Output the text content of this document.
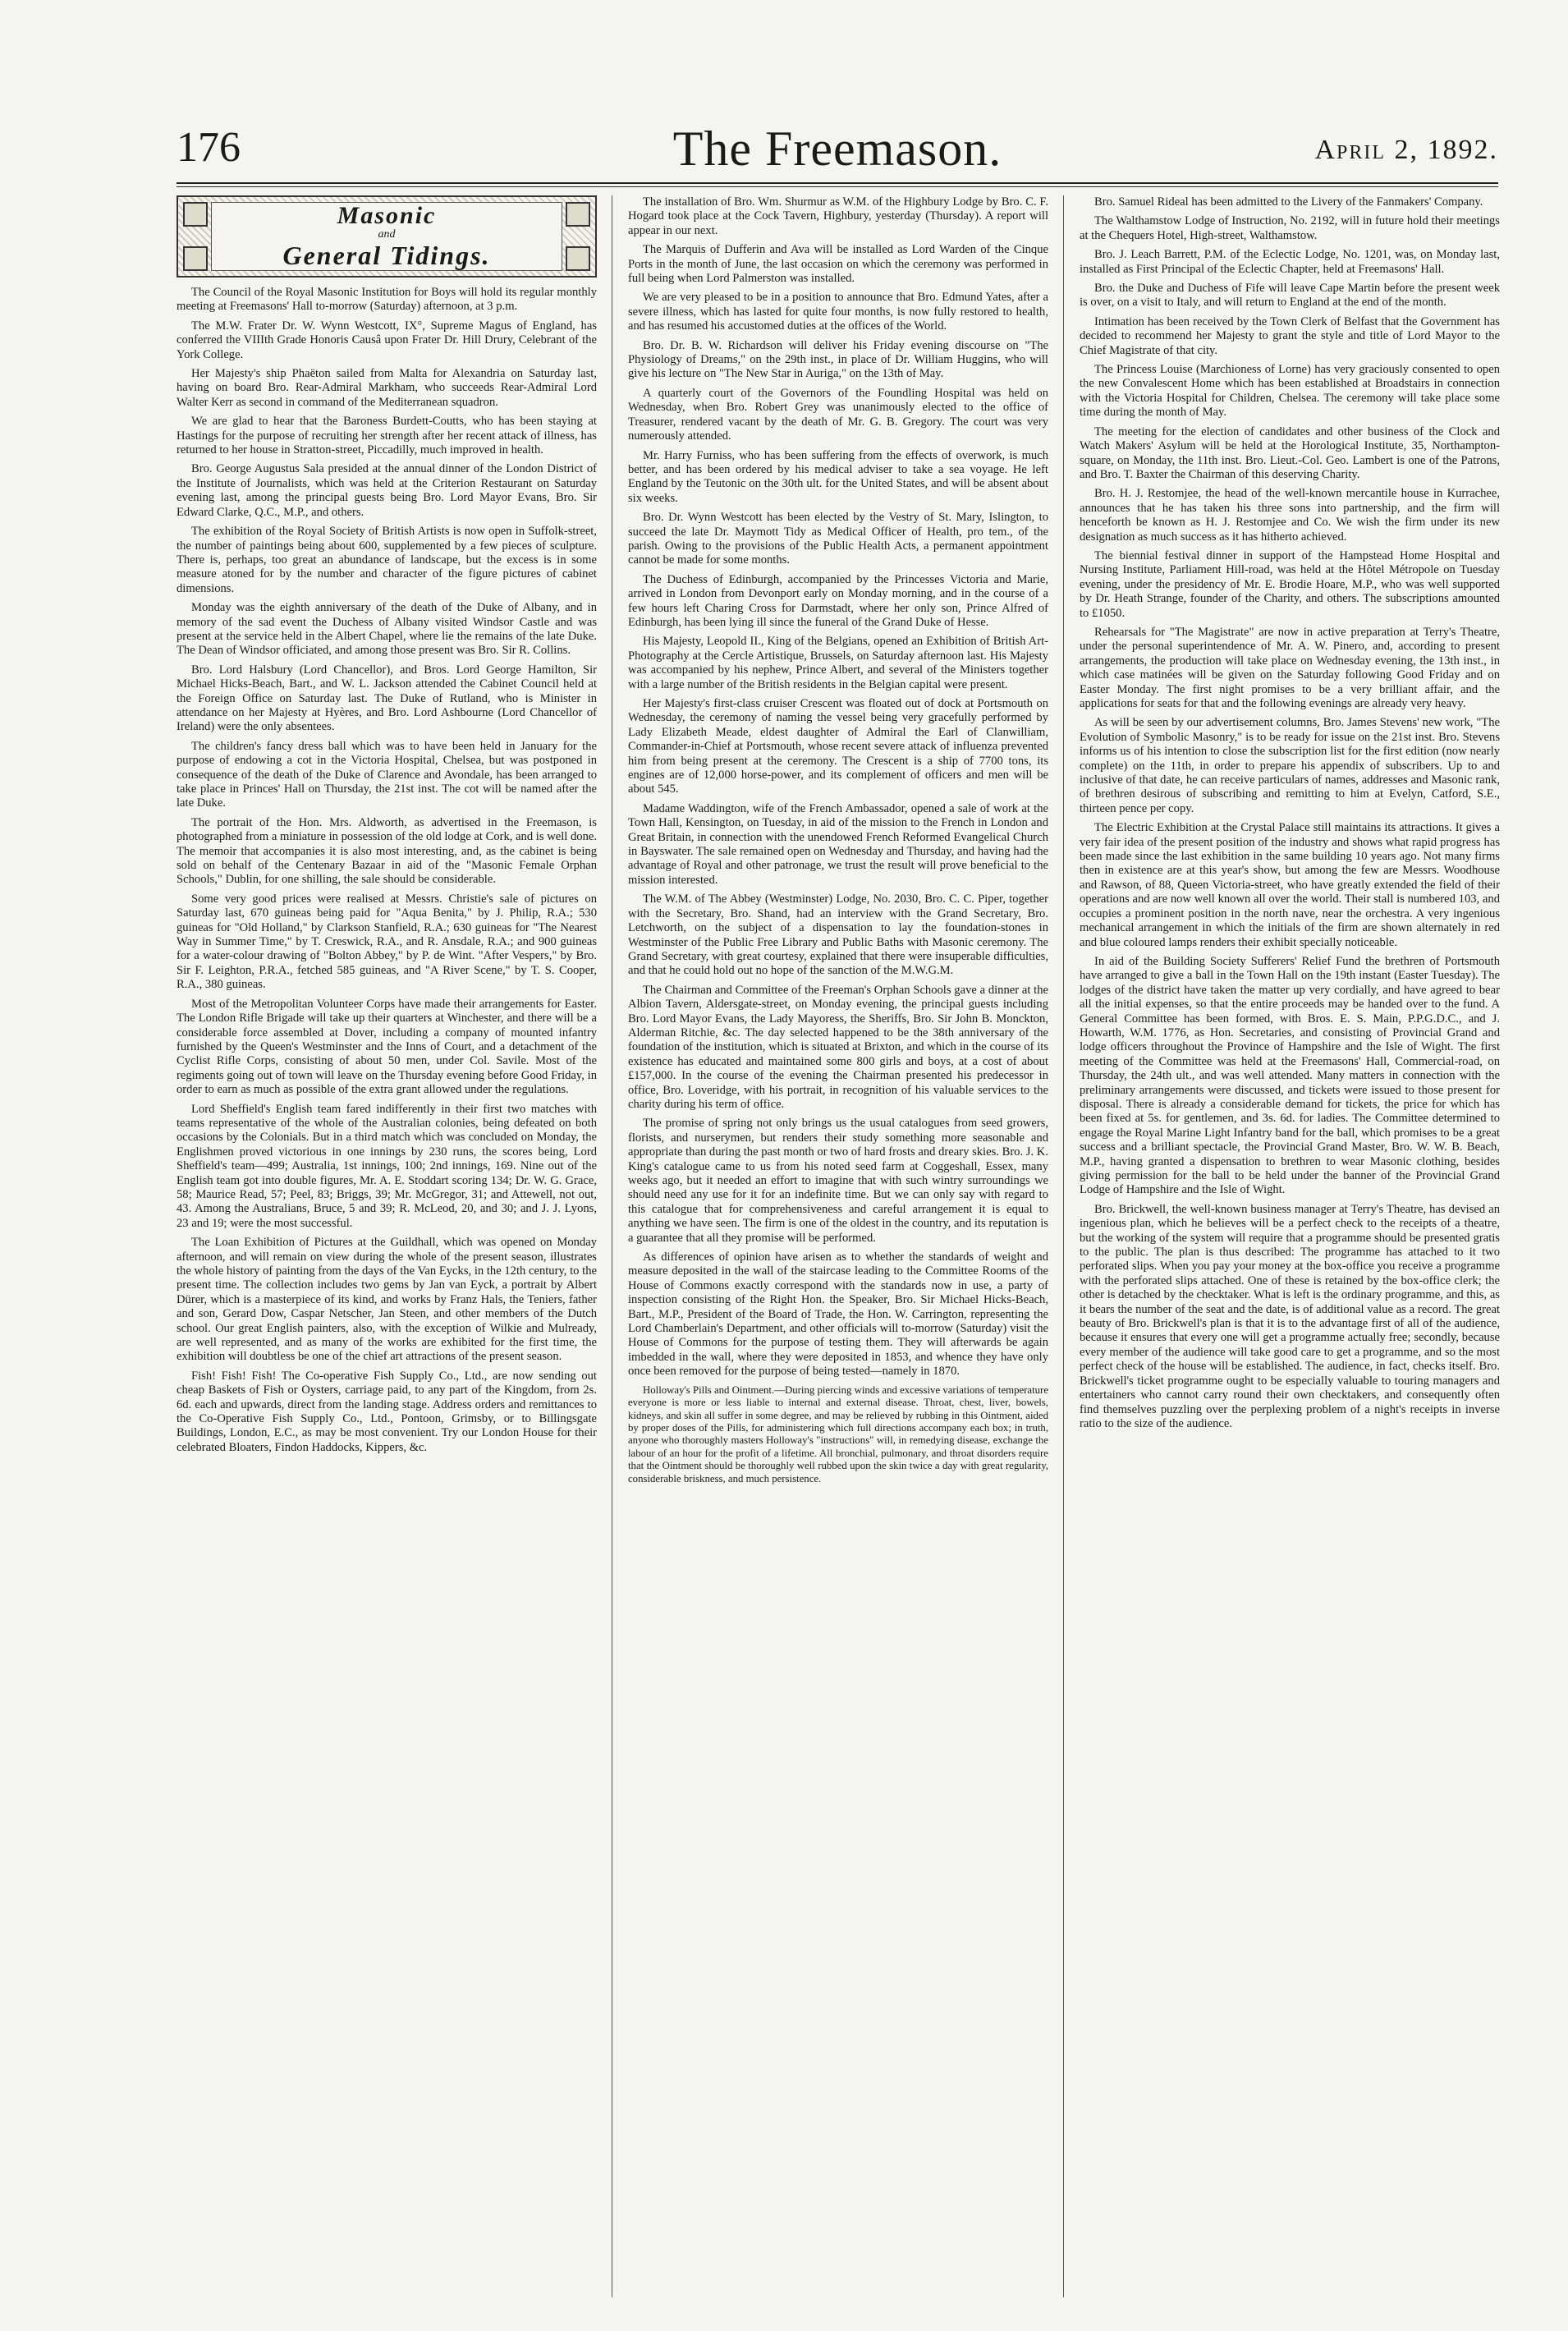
176	The Freemason.	April 2, 1892.
Masonic
and
General Tidings.

The Council of the Royal Masonic Institution for Boys will hold its regular monthly meeting at Freemasons' Hall to-morrow (Saturday) afternoon, at 3 p.m.

The M.W. Frater Dr. W. Wynn Westcott, IX°, Supreme Magus of England, has conferred the VIIIth Grade Honoris Causâ upon Frater Dr. Hill Drury, Celebrant of the York College.

Her Majesty's ship Phaëton sailed from Malta for Alexandria on Saturday last, having on board Bro. Rear-Admiral Markham, who succeeds Rear-Admiral Lord Walter Kerr as second in command of the Mediterranean squadron.

We are glad to hear that the Baroness Burdett-Coutts, who has been staying at Hastings for the purpose of recruiting her strength after her recent attack of illness, has returned to her house in Stratton-street, Piccadilly, much improved in health.

Bro. George Augustus Sala presided at the annual dinner of the London District of the Institute of Journalists, which was held at the Criterion Restaurant on Saturday evening last, among the principal guests being Bro. Lord Mayor Evans, Bro. Sir Edward Clarke, Q.C., M.P., and others.

The exhibition of the Royal Society of British Artists is now open in Suffolk-street, the number of paintings being about 600, supplemented by a few pieces of sculpture. There is, perhaps, too great an abundance of landscape, but the excess is in some measure atoned for by the number and character of the figure pictures of cabinet dimensions.

Monday was the eighth anniversary of the death of the Duke of Albany, and in memory of the sad event the Duchess of Albany visited Windsor Castle and was present at the service held in the Albert Chapel, where lie the remains of the late Duke. The Dean of Windsor officiated, and among those present was Bro. Sir R. Collins.

Bro. Lord Halsbury (Lord Chancellor), and Bros. Lord George Hamilton, Sir Michael Hicks-Beach, Bart., and W. L. Jackson attended the Cabinet Council held at the Foreign Office on Saturday last. The Duke of Rutland, who is Minister in attendance on her Majesty at Hyères, and Bro. Lord Ashbourne (Lord Chancellor of Ireland) were the only absentees.

The children's fancy dress ball which was to have been held in January for the purpose of endowing a cot in the Victoria Hospital, Chelsea, but was postponed in consequence of the death of the Duke of Clarence and Avondale, has been arranged to take place in Princes' Hall on Thursday, the 21st inst. The cot will be named after the late Duke.

The portrait of the Hon. Mrs. Aldworth, as advertised in the Freemason, is photographed from a miniature in possession of the old lodge at Cork, and is well done. The memoir that accompanies it is also most interesting, and, as the cabinet is being sold on behalf of the Centenary Bazaar in aid of the "Masonic Female Orphan Schools," Dublin, for one shilling, the sale should be considerable.

Some very good prices were realised at Messrs. Christie's sale of pictures on Saturday last, 670 guineas being paid for "Aqua Benita," by J. Philip, R.A.; 530 guineas for "Old Holland," by Clarkson Stanfield, R.A.; 630 guineas for "The Nearest Way in Summer Time," by T. Creswick, R.A., and R. Ansdale, R.A.; and 900 guineas for a water-colour drawing of "Bolton Abbey," by P. de Wint. "After Vespers," by Bro. Sir F. Leighton, P.R.A., fetched 585 guineas, and "A River Scene," by T. S. Cooper, R.A., 380 guineas.

Most of the Metropolitan Volunteer Corps have made their arrangements for Easter. The London Rifle Brigade will take up their quarters at Winchester, and there will be a considerable force assembled at Dover, including a company of mounted infantry furnished by the Queen's Westminster and the Inns of Court, and a detachment of the Cyclist Rifle Corps, consisting of about 50 men, under Col. Savile. Most of the regiments going out of town will leave on the Thursday evening before Good Friday, in order to earn as much as possible of the extra grant allowed under the regulations.

Lord Sheffield's English team fared indifferently in their first two matches with teams representative of the whole of the Australian colonies, being defeated on both occasions by the Colonials. But in a third match which was concluded on Monday, the Englishmen proved victorious in one innings by 230 runs, the scores being, Lord Sheffield's team—499; Australia, 1st innings, 100; 2nd innings, 169. Nine out of the English team got into double figures, Mr. A. E. Stoddart scoring 134; Dr. W. G. Grace, 58; Maurice Read, 57; Peel, 83; Briggs, 39; Mr. McGregor, 31; and Attewell, not out, 43. Among the Australians, Bruce, 5 and 39; R. McLeod, 20, and 30; and J. J. Lyons, 23 and 19; were the most successful.

The Loan Exhibition of Pictures at the Guildhall, which was opened on Monday afternoon, and will remain on view during the whole of the present season, illustrates the whole history of painting from the days of the Van Eycks, in the 12th century, to the present time. The collection includes two gems by Jan van Eyck, a portrait by Albert Dürer, which is a masterpiece of its kind, and works by Franz Hals, the Teniers, father and son, Gerard Dow, Caspar Netscher, Jan Steen, and other members of the Dutch school. Our great English painters, also, with the exception of Wilkie and Mulready, are well represented, and as many of the works are exhibited for the first time, the exhibition will doubtless be one of the chief art attractions of the present season.

Fish! Fish! Fish! The Co-operative Fish Supply Co., Ltd., are now sending out cheap Baskets of Fish or Oysters, carriage paid, to any part of the Kingdom, from 2s. 6d. each and upwards, direct from the landing stage. Address orders and remittances to the Co-Operative Fish Supply Co., Ltd., Pontoon, Grimsby, or to Billingsgate Buildings, London, E.C., as may be most convenient. Try our London House for their celebrated Bloaters, Findon Haddocks, Kippers, &c.

The installation of Bro. Wm. Shurmur as W.M. of the Highbury Lodge by Bro. C. F. Hogard took place at the Cock Tavern, Highbury, yesterday (Thursday). A report will appear in our next.

The Marquis of Dufferin and Ava will be installed as Lord Warden of the Cinque Ports in the month of June, the last occasion on which the ceremony was performed in full being when Lord Palmerston was installed.

We are very pleased to be in a position to announce that Bro. Edmund Yates, after a severe illness, which has lasted for quite four months, is now fully restored to health, and has resumed his accustomed duties at the offices of the World.

Bro. Dr. B. W. Richardson will deliver his Friday evening discourse on "The Physiology of Dreams," on the 29th inst., in place of Dr. William Huggins, who will give his lecture on "The New Star in Auriga," on the 13th of May.

A quarterly court of the Governors of the Foundling Hospital was held on Wednesday, when Bro. Robert Grey was unanimously elected to the office of Treasurer, rendered vacant by the death of Mr. G. B. Gregory. The court was very numerously attended.

Mr. Harry Furniss, who has been suffering from the effects of overwork, is much better, and has been ordered by his medical adviser to take a sea voyage. He left England by the Teutonic on the 30th ult. for the United States, and will be absent about six weeks.

Bro. Dr. Wynn Westcott has been elected by the Vestry of St. Mary, Islington, to succeed the late Dr. Maymott Tidy as Medical Officer of Health, pro tem., of the parish. Owing to the provisions of the Public Health Acts, a permanent appointment cannot be made for some months.

The Duchess of Edinburgh, accompanied by the Princesses Victoria and Marie, arrived in London from Devonport early on Monday morning, and in the course of a few hours left Charing Cross for Darmstadt, where her only son, Prince Alfred of Edinburgh, has been lying ill since the funeral of the Grand Duke of Hesse.

His Majesty, Leopold II., King of the Belgians, opened an Exhibition of British Art-Photography at the Cercle Artistique, Brussels, on Saturday afternoon last. His Majesty was accompanied by his nephew, Prince Albert, and several of the Ministers together with a large number of the British residents in the Belgian capital were present.

Her Majesty's first-class cruiser Crescent was floated out of dock at Portsmouth on Wednesday, the ceremony of naming the vessel being very gracefully performed by Lady Elizabeth Meade, eldest daughter of Admiral the Earl of Clanwilliam, Commander-in-Chief at Portsmouth, whose recent severe attack of influenza prevented him from being present at the ceremony. The Crescent is a ship of 7700 tons, its engines are of 12,000 horse-power, and its complement of officers and men will be about 545.

Madame Waddington, wife of the French Ambassador, opened a sale of work at the Town Hall, Kensington, on Tuesday, in aid of the mission to the French in London and Great Britain, in connection with the unendowed French Reformed Evangelical Church in Bayswater. The sale remained open on Wednesday and Thursday, and having had the advantage of Royal and other patronage, we trust the result will prove beneficial to the mission interested.

The W.M. of The Abbey (Westminster) Lodge, No. 2030, Bro. C. C. Piper, together with the Secretary, Bro. Shand, had an interview with the Grand Secretary, Bro. Letchworth, on the subject of a dispensation to lay the foundation-stones in Westminster of the Public Free Library and Public Baths with Masonic ceremony. The Grand Secretary, with great courtesy, explained that there were insuperable difficulties, and that he could hold out no hope of the sanction of the M.W.G.M.

The Chairman and Committee of the Freeman's Orphan Schools gave a dinner at the Albion Tavern, Aldersgate-street, on Monday evening, the principal guests including Bro. Lord Mayor Evans, the Lady Mayoress, the Sheriffs, Bro. Sir John B. Monckton, Alderman Ritchie, &c. The day selected happened to be the 38th anniversary of the foundation of the institution, which is situated at Brixton, and which in the course of its existence has educated and maintained some 800 girls and boys, at a cost of about £157,000. In the course of the evening the Chairman presented his predecessor in office, Bro. Loveridge, with his portrait, in recognition of his valuable services to the charity during his term of office.

The promise of spring not only brings us the usual catalogues from seed growers, florists, and nurserymen, but renders their study something more seasonable and appropriate than during the past month or two of hard frosts and dreary skies. Bro. J. K. King's catalogue came to us from his noted seed farm at Coggeshall, Essex, many weeks ago, but it needed an effort to imagine that with such wintry surroundings we should need any use for it for an indefinite time. But we can only say with regard to this catalogue that for comprehensiveness and careful arrangement it is equal to anything we have seen. The firm is one of the oldest in the country, and its reputation is a guarantee that all they promise will be performed.

As differences of opinion have arisen as to whether the standards of weight and measure deposited in the wall of the staircase leading to the Committee Rooms of the House of Commons exactly correspond with the standards now in use, a party of inspection consisting of the Right Hon. the Speaker, Bro. Sir Michael Hicks-Beach, Bart., M.P., President of the Board of Trade, the Hon. W. Carrington, representing the Lord Chamberlain's Department, and other officials will to-morrow (Saturday) visit the House of Commons for the purpose of testing them. They will afterwards be again imbedded in the wall, where they were deposited in 1853, and whence they have only once been removed for the purpose of being tested—namely in 1870.

Holloway's Pills and Ointment.—During piercing winds and excessive variations of temperature everyone is more or less liable to internal and external disease. Throat, chest, liver, bowels, kidneys, and skin all suffer in some degree, and may be relieved by rubbing in this Ointment, aided by proper doses of the Pills, for administering which full directions accompany each box; in truth, anyone who thoroughly masters Holloway's "instructions" will, in remedying disease, exchange the labour of an hour for the profit of a lifetime. All bronchial, pulmonary, and throat disorders require that the Ointment should be thoroughly well rubbed upon the skin twice a day with great regularity, considerable briskness, and much persistence.

Bro. Samuel Rideal has been admitted to the Livery of the Fanmakers' Company.

The Walthamstow Lodge of Instruction, No. 2192, will in future hold their meetings at the Chequers Hotel, High-street, Walthamstow.

Bro. J. Leach Barrett, P.M. of the Eclectic Lodge, No. 1201, was, on Monday last, installed as First Principal of the Eclectic Chapter, held at Freemasons' Hall.

Bro. the Duke and Duchess of Fife will leave Cape Martin before the present week is over, on a visit to Italy, and will return to England at the end of the month.

Intimation has been received by the Town Clerk of Belfast that the Government has decided to recommend her Majesty to grant the style and title of Lord Mayor to the Chief Magistrate of that city.

The Princess Louise (Marchioness of Lorne) has very graciously consented to open the new Convalescent Home which has been established at Broadstairs in connection with the Victoria Hospital for Children, Chelsea. The ceremony will take place some time during the month of May.

The meeting for the election of candidates and other business of the Clock and Watch Makers' Asylum will be held at the Horological Institute, 35, Northampton-square, on Monday, the 11th inst. Bro. Lieut.-Col. Geo. Lambert is one of the Patrons, and Bro. T. Baxter the Chairman of this deserving Charity.

Bro. H. J. Restomjee, the head of the well-known mercantile house in Kurrachee, announces that he has taken his three sons into partnership, and the firm will henceforth be known as H. J. Restomjee and Co. We wish the firm under its new designation as much success as it has hitherto achieved.

The biennial festival dinner in support of the Hampstead Home Hospital and Nursing Institute, Parliament Hill-road, was held at the Hôtel Métropole on Tuesday evening, under the presidency of Mr. E. Brodie Hoare, M.P., who was well supported by Dr. Heath Strange, founder of the Charity, and others. The subscriptions amounted to £1050.

Rehearsals for "The Magistrate" are now in active preparation at Terry's Theatre, under the personal superintendence of Mr. A. W. Pinero, and, according to present arrangements, the production will take place on Wednesday evening, the 13th inst., in which case matinées will be given on the Saturday following Good Friday and on Easter Monday. The first night promises to be a very brilliant affair, and the applications for seats for that and the following evenings are already very heavy.

As will be seen by our advertisement columns, Bro. James Stevens' new work, "The Evolution of Symbolic Masonry," is to be ready for issue on the 21st inst. Bro. Stevens informs us of his intention to close the subscription list for the first edition (now nearly complete) on the 11th, in order to prepare his appendix of subscribers. Up to and inclusive of that date, he can receive particulars of names, addresses and Masonic rank, of brethren desirous of subscribing and remitting to him at Evelyn, Catford, S.E., thirteen pence per copy.

The Electric Exhibition at the Crystal Palace still maintains its attractions. It gives a very fair idea of the present position of the industry and shows what rapid progress has been made since the last exhibition in the same building 10 years ago. Not many firms then in existence are at this year's show, but among the few are Messrs. Woodhouse and Rawson, of 88, Queen Victoria-street, who have greatly extended the field of their operations and are now well known all over the world. Their stall is numbered 103, and occupies a prominent position in the north nave, near the orchestra. A very ingenious mechanical arrangement in which the initials of the firm are shown alternately in red and blue coloured lamps renders their exhibit specially noticeable.

In aid of the Building Society Sufferers' Relief Fund the brethren of Portsmouth have arranged to give a ball in the Town Hall on the 19th instant (Easter Tuesday). The lodges of the district have taken the matter up very cordially, and have agreed to bear all the initial expenses, so that the entire proceeds may be handed over to the fund. A General Committee has been formed, with Bros. E. S. Main, P.P.G.D.C., and J. Howarth, W.M. 1776, as Hon. Secretaries, and consisting of Provincial Grand and lodge officers throughout the Province of Hampshire and the Isle of Wight. The first meeting of the Committee was held at the Freemasons' Hall, Commercial-road, on Thursday, the 24th ult., and was well attended. Many matters in connection with the preliminary arrangements were discussed, and tickets were issued to those present for disposal. There is already a considerable demand for tickets, the price for which has been fixed at 5s. for gentlemen, and 3s. 6d. for ladies. The Committee determined to engage the Royal Marine Light Infantry band for the ball, which promises to be a great success and a brilliant spectacle, the Provincial Grand Master, Bro. W. W. B. Beach, M.P., having granted a dispensation to brethren to wear Masonic clothing, besides giving permission for the ball to be held under the banner of the Provincial Grand Lodge of Hampshire and the Isle of Wight.

Bro. Brickwell, the well-known business manager at Terry's Theatre, has devised an ingenious plan, which he believes will be a perfect check to the receipts of a theatre, but the working of the system will require that a programme should be presented gratis to the public. The plan is thus described: The programme has attached to it two perforated slips. When you pay your money at the box-office you receive a programme with the perforated slips attached. One of these is retained by the box-office clerk; the other is detached by the checktaker. What is left is the ordinary programme, and this, as it bears the number of the seat and the date, is of additional value as a record. The great beauty of Bro. Brickwell's plan is that it is to the advantage first of all of the audience, because it ensures that every one will get a programme actually free; secondly, because every member of the audience will take good care to get a programme, and so the most perfect check of the house will be established. The audience, in fact, checks itself. Bro. Brickwell's ticket programme ought to be especially valuable to touring managers and entertainers who cannot carry round their own checktakers, and consequently often find themselves puzzling over the perplexing problem of a night's receipts in inverse ratio to the size of the audience.
